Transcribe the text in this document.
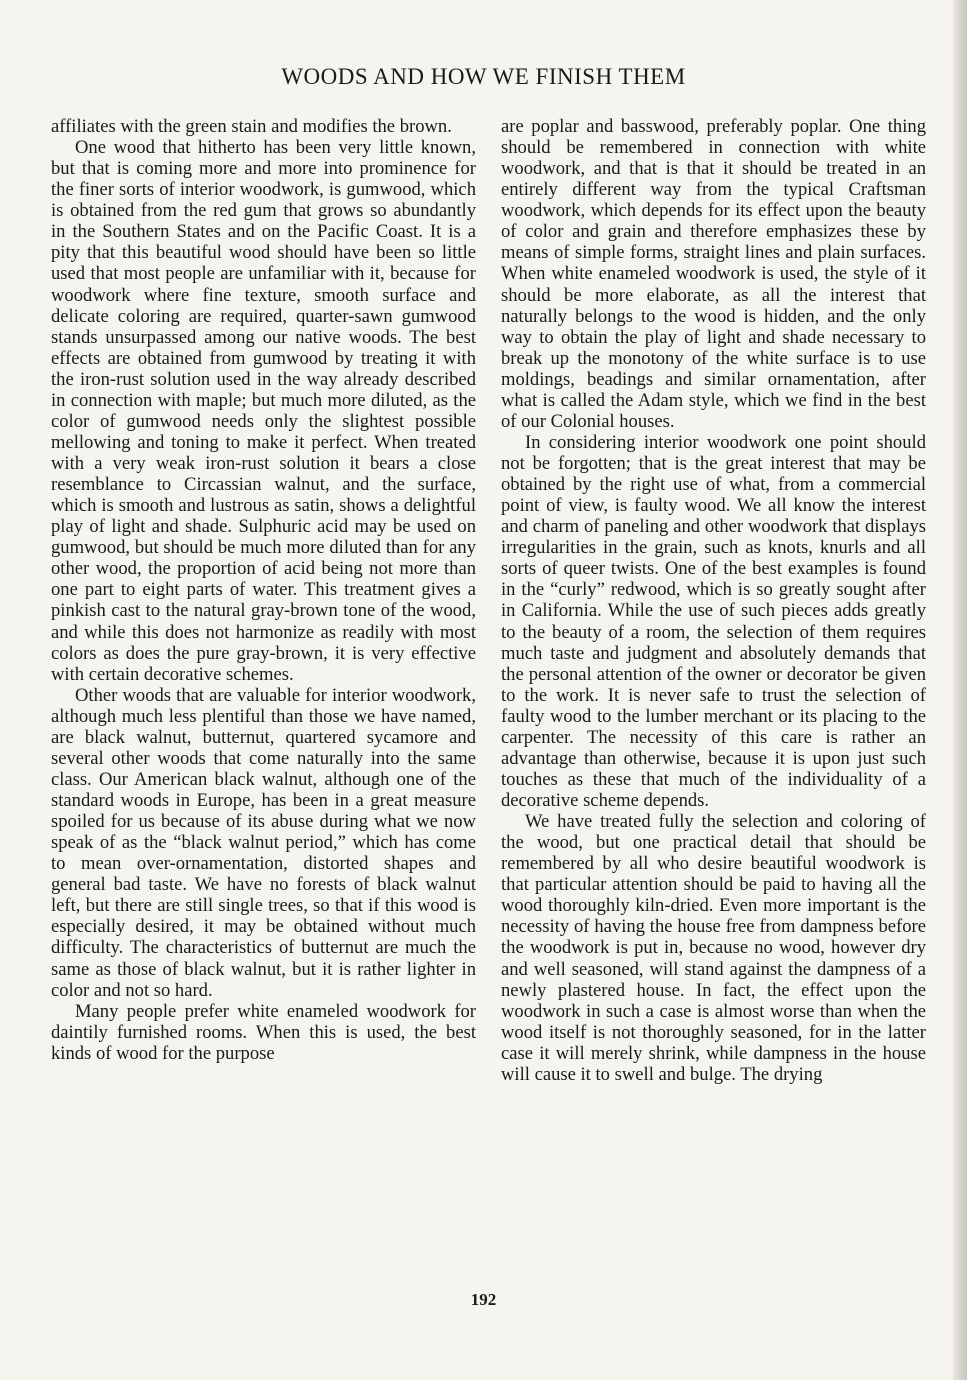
WOODS AND HOW WE FINISH THEM

affiliates with the green stain and modifies the brown.

One wood that hitherto has been very little known, but that is coming more and more into prominence for the finer sorts of interior woodwork, is gumwood, which is obtained from the red gum that grows so abundantly in the Southern States and on the Pacific Coast. It is a pity that this beautiful wood should have been so little used that most people are unfamiliar with it, because for woodwork where fine texture, smooth surface and delicate coloring are required, quarter-sawn gumwood stands unsurpassed among our native woods. The best effects are obtained from gumwood by treating it with the iron-rust solution used in the way already described in connection with maple; but much more diluted, as the color of gumwood needs only the slightest possible mellowing and toning to make it perfect. When treated with a very weak iron-rust solution it bears a close resemblance to Circassian walnut, and the surface, which is smooth and lustrous as satin, shows a delightful play of light and shade. Sulphuric acid may be used on gumwood, but should be much more diluted than for any other wood, the proportion of acid being not more than one part to eight parts of water. This treatment gives a pinkish cast to the natural gray-brown tone of the wood, and while this does not harmonize as readily with most colors as does the pure gray-brown, it is very effective with certain decorative schemes.

Other woods that are valuable for interior woodwork, although much less plentiful than those we have named, are black walnut, butternut, quartered sycamore and several other woods that come naturally into the same class. Our American black walnut, although one of the standard woods in Europe, has been in a great measure spoiled for us because of its abuse during what we now speak of as the “black walnut period,” which has come to mean over-ornamentation, distorted shapes and general bad taste. We have no forests of black walnut left, but there are still single trees, so that if this wood is especially desired, it may be obtained without much difficulty. The characteristics of butternut are much the same as those of black walnut, but it is rather lighter in color and not so hard.

Many people prefer white enameled woodwork for daintily furnished rooms. When this is used, the best kinds of wood for the purpose

are poplar and basswood, preferably poplar. One thing should be remembered in connection with white woodwork, and that is that it should be treated in an entirely different way from the typical Craftsman woodwork, which depends for its effect upon the beauty of color and grain and therefore emphasizes these by means of simple forms, straight lines and plain surfaces. When white enameled woodwork is used, the style of it should be more elaborate, as all the interest that naturally belongs to the wood is hidden, and the only way to obtain the play of light and shade necessary to break up the monotony of the white surface is to use moldings, beadings and similar ornamentation, after what is called the Adam style, which we find in the best of our Colonial houses.

In considering interior woodwork one point should not be forgotten; that is the great interest that may be obtained by the right use of what, from a commercial point of view, is faulty wood. We all know the interest and charm of paneling and other woodwork that displays irregularities in the grain, such as knots, knurls and all sorts of queer twists. One of the best examples is found in the “curly” redwood, which is so greatly sought after in California. While the use of such pieces adds greatly to the beauty of a room, the selection of them requires much taste and judgment and absolutely demands that the personal attention of the owner or decorator be given to the work. It is never safe to trust the selection of faulty wood to the lumber merchant or its placing to the carpenter. The necessity of this care is rather an advantage than otherwise, because it is upon just such touches as these that much of the individuality of a decorative scheme depends.

We have treated fully the selection and coloring of the wood, but one practical detail that should be remembered by all who desire beautiful woodwork is that particular attention should be paid to having all the wood thoroughly kiln-dried. Even more important is the necessity of having the house free from dampness before the woodwork is put in, because no wood, however dry and well seasoned, will stand against the dampness of a newly plastered house. In fact, the effect upon the woodwork in such a case is almost worse than when the wood itself is not thoroughly seasoned, for in the latter case it will merely shrink, while dampness in the house will cause it to swell and bulge. The drying

192
